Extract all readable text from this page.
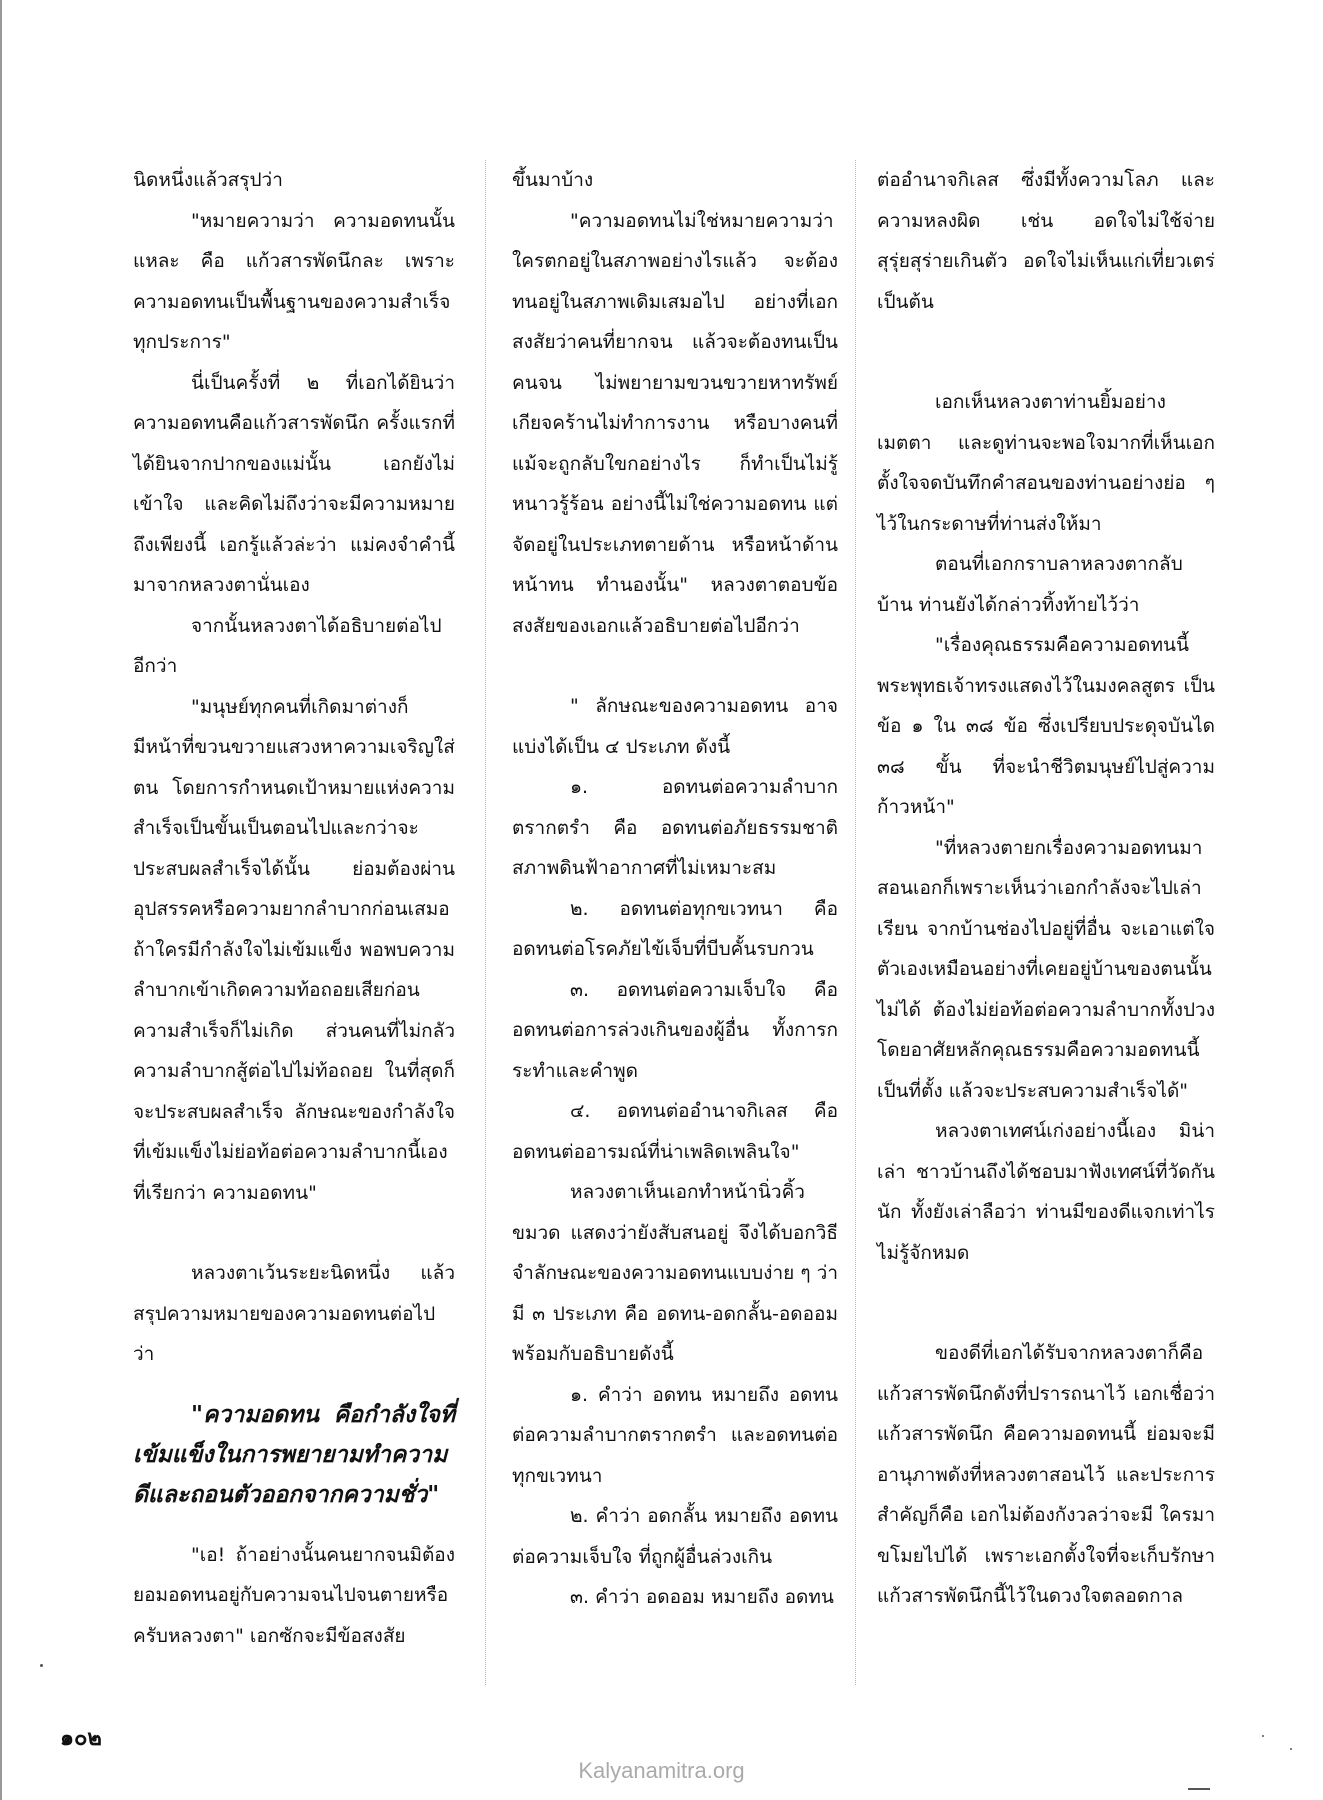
นิดหนึ่งแล้วสรุปว่า

"หมายความว่า ความอดทนนั้นแหละ คือ แก้วสารพัดนึกละ เพราะความอดทนเป็นพื้นฐานของความสำเร็จทุกประการ"

นี่เป็นครั้งที่ ๒ ที่เอกได้ยินว่า ความอดทนคือแก้วสารพัดนึก ครั้งแรกที่ได้ยินจากปากของแม่นั้น เอกยังไม่เข้าใจ และคิดไม่ถึงว่าจะมีความหมายถึงเพียงนี้ เอกรู้แล้วล่ะว่า แม่คงจำคำนี้มาจากหลวงตานั่นเอง

จากนั้นหลวงตาได้อธิบายต่อไปอีกว่า

"มนุษย์ทุกคนที่เกิดมาต่างก็มีหน้าที่ขวนขวายแสวงหาความเจริญใส่ตน โดยการกำหนดเป้าหมายแห่งความสำเร็จเป็นขั้นเป็นตอนไปและกว่าจะประสบผลสำเร็จได้นั้น ย่อมต้องผ่านอุปสรรคหรือความยากลำบากก่อนเสมอ ถ้าใครมีกำลังใจไม่เข้มแข็ง พอพบความลำบากเข้าเกิดความท้อถอยเสียก่อน ความสำเร็จก็ไม่เกิด ส่วนคนที่ไม่กลัวความลำบากสู้ต่อไปไม่ท้อถอย ในที่สุดก็จะประสบผลสำเร็จ ลักษณะของกำลังใจที่เข้มแข็งไม่ย่อท้อต่อความลำบากนี้เอง ที่เรียกว่า ความอดทน"

หลวงตาเว้นระยะนิดหนึ่ง แล้วสรุปความหมายของความอดทนต่อไปว่า

"ความอดทน คือกำลังใจที่เข้มแข็งในการพยายามทำความดีและถอนตัวออกจากความชั่ว"

"เอ! ถ้าอย่างนั้นคนยากจนมิต้องยอมอดทนอยู่กับความจนไปจนตายหรือครับหลวงตา" เอกซักจะมีข้อสงสัย

ขึ้นมาบ้าง

"ความอดทนไม่ใช่หมายความว่าใครตกอยู่ในสภาพอย่างไรแล้ว จะต้องทนอยู่ในสภาพเดิมเสมอไป อย่างที่เอกสงสัยว่าคนที่ยากจน แล้วจะต้องทนเป็นคนจน ไม่พยายามขวนขวายหาทรัพย์ เกียจคร้านไม่ทำการงาน หรือบางคนที่แม้จะถูกลับใขกอย่างไร ก็ทำเป็นไม่รู้หนาวรู้ร้อน อย่างนี้ไม่ใช่ความอดทน แต่จัดอยู่ในประเภทตายด้าน หรือหน้าด้านหน้าทน ทำนองนั้น" หลวงตาตอบข้อสงสัยของเอกแล้วอธิบายต่อไปอีกว่า

" ลักษณะของความอดทน อาจแบ่งได้เป็น ๔ ประเภท ดังนี้

๑. อดทนต่อความลำบากตรากตรำ คือ อดทนต่อภัยธรรมชาติ สภาพดินฟ้าอากาศที่ไม่เหมาะสม

๒. อดทนต่อทุกขเวทนา คือ อดทนต่อโรคภัยไข้เจ็บที่บีบคั้นรบกวน

๓. อดทนต่อความเจ็บใจ คือ อดทนต่อการล่วงเกินของผู้อื่น ทั้งการกระทำและคำพูด

๔. อดทนต่ออำนาจกิเลส คือ อดทนต่ออารมณ์ที่น่าเพลิดเพลินใจ"

หลวงตาเห็นเอกทำหน้านิ่วคิ้วขมวด แสดงว่ายังสับสนอยู่ จึงได้บอกวิธีจำลักษณะของความอดทนแบบง่าย ๆ ว่า มี ๓ ประเภท คือ อดทน-อดกลั้น-อดออม พร้อมกับอธิบายดังนี้

๑. คำว่า อดทน หมายถึง อดทนต่อความลำบากตรากตรำ และอดทนต่อทุกขเวทนา

๒. คำว่า อดกลั้น หมายถึง อดทนต่อความเจ็บใจ ที่ถูกผู้อื่นล่วงเกิน

๓. คำว่า อดออม หมายถึง อดทน

ต่ออำนาจกิเลส ซึ่งมีทั้งความโลภ และความหลงผิด เช่น อดใจไม่ใช้จ่ายสุรุ่ยสุร่ายเกินตัว อดใจไม่เห็นแก่เที่ยวเตร่เป็นต้น

เอกเห็นหลวงตาท่านยิ้มอย่างเมตตา และดูท่านจะพอใจมากที่เห็นเอกตั้งใจจดบันทึกคำสอนของท่านอย่างย่อ ๆ ไว้ในกระดาษที่ท่านส่งให้มา

ตอนที่เอกกราบลาหลวงตากลับบ้าน ท่านยังได้กล่าวทิ้งท้ายไว้ว่า

"เรื่องคุณธรรมคือความอดทนนี้ พระพุทธเจ้าทรงแสดงไว้ในมงคลสูตร เป็นข้อ ๑ ใน ๓๘ ข้อ ซึ่งเปรียบประดุจบันได ๓๘ ขั้น ที่จะนำชีวิตมนุษย์ไปสู่ความก้าวหน้า"

"ที่หลวงตายกเรื่องความอดทนมาสอนเอกก็เพราะเห็นว่าเอกกำลังจะไปเล่าเรียน จากบ้านช่องไปอยู่ที่อื่น จะเอาแต่ใจตัวเองเหมือนอย่างที่เคยอยู่บ้านของตนนั้นไม่ได้ ต้องไม่ย่อท้อต่อความลำบากทั้งปวง โดยอาศัยหลักคุณธรรมคือความอดทนนี้เป็นที่ตั้ง แล้วจะประสบความสำเร็จได้"

หลวงตาเทศน์เก่งอย่างนี้เอง มิน่าเล่า ชาวบ้านถึงได้ชอบมาฟังเทศน์ที่วัดกันนัก ทั้งยังเล่าลือว่า ท่านมีของดีแจกเท่าไรไม่รู้จักหมด

ของดีที่เอกได้รับจากหลวงตาก็คือ แก้วสารพัดนึกดังที่ปรารถนาไว้ เอกเชื่อว่าแก้วสารพัดนึก คือความอดทนนี้ ย่อมจะมีอานุภาพดังที่หลวงตาสอนไว้ และประการสำคัญก็คือ เอกไม่ต้องกังวลว่าจะมี ใครมาขโมยไปได้ เพราะเอกตั้งใจที่จะเก็บรักษาแก้วสารพัดนึกนี้ไว้ในดวงใจตลอดกาล

๑๐๒
Kalyanamitra.org
